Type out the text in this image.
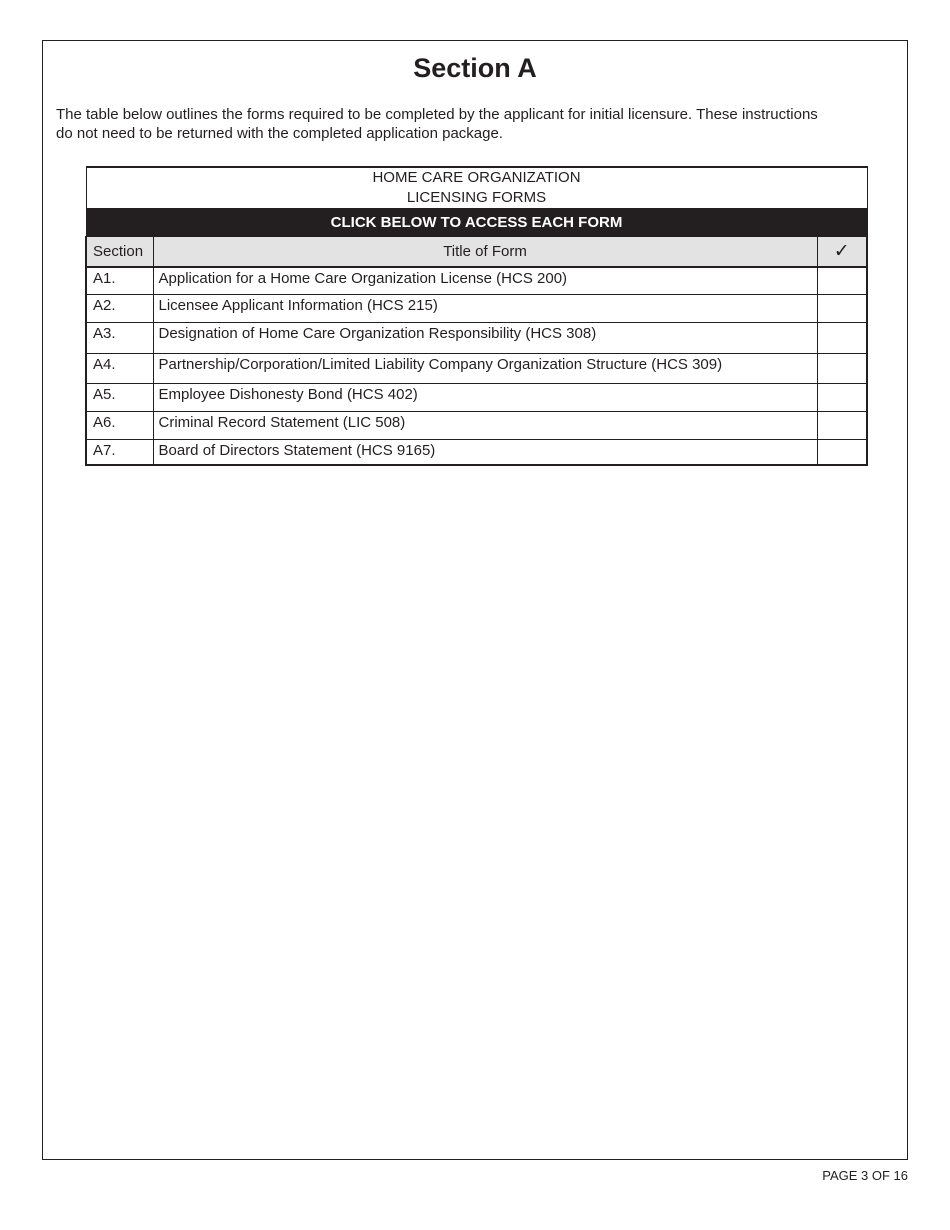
Section A

The table below outlines the forms required to be completed by the applicant for initial licensure. These instructions
do not need to be returned with the completed application package.

HOME CARE ORGANIZATION
LICENSING FORMS		

CLICK BELOW TO ACCESS EACH FORM		
Section	Title of Form	✓
A1.	Application for a Home Care Organization License (HCS 200)	
A2.	Licensee Applicant Information (HCS 215)	
A3.	Designation of Home Care Organization Responsibility (HCS 308)	
A4.	Partnership/Corporation/Limited Liability Company Organization Structure (HCS 309)	
A5.	Employee Dishonesty Bond (HCS 402)	
A6.	Criminal Record Statement (LIC 508)	
A7.	Board of Directors Statement (HCS 9165)	

PAGE 3 OF 16
